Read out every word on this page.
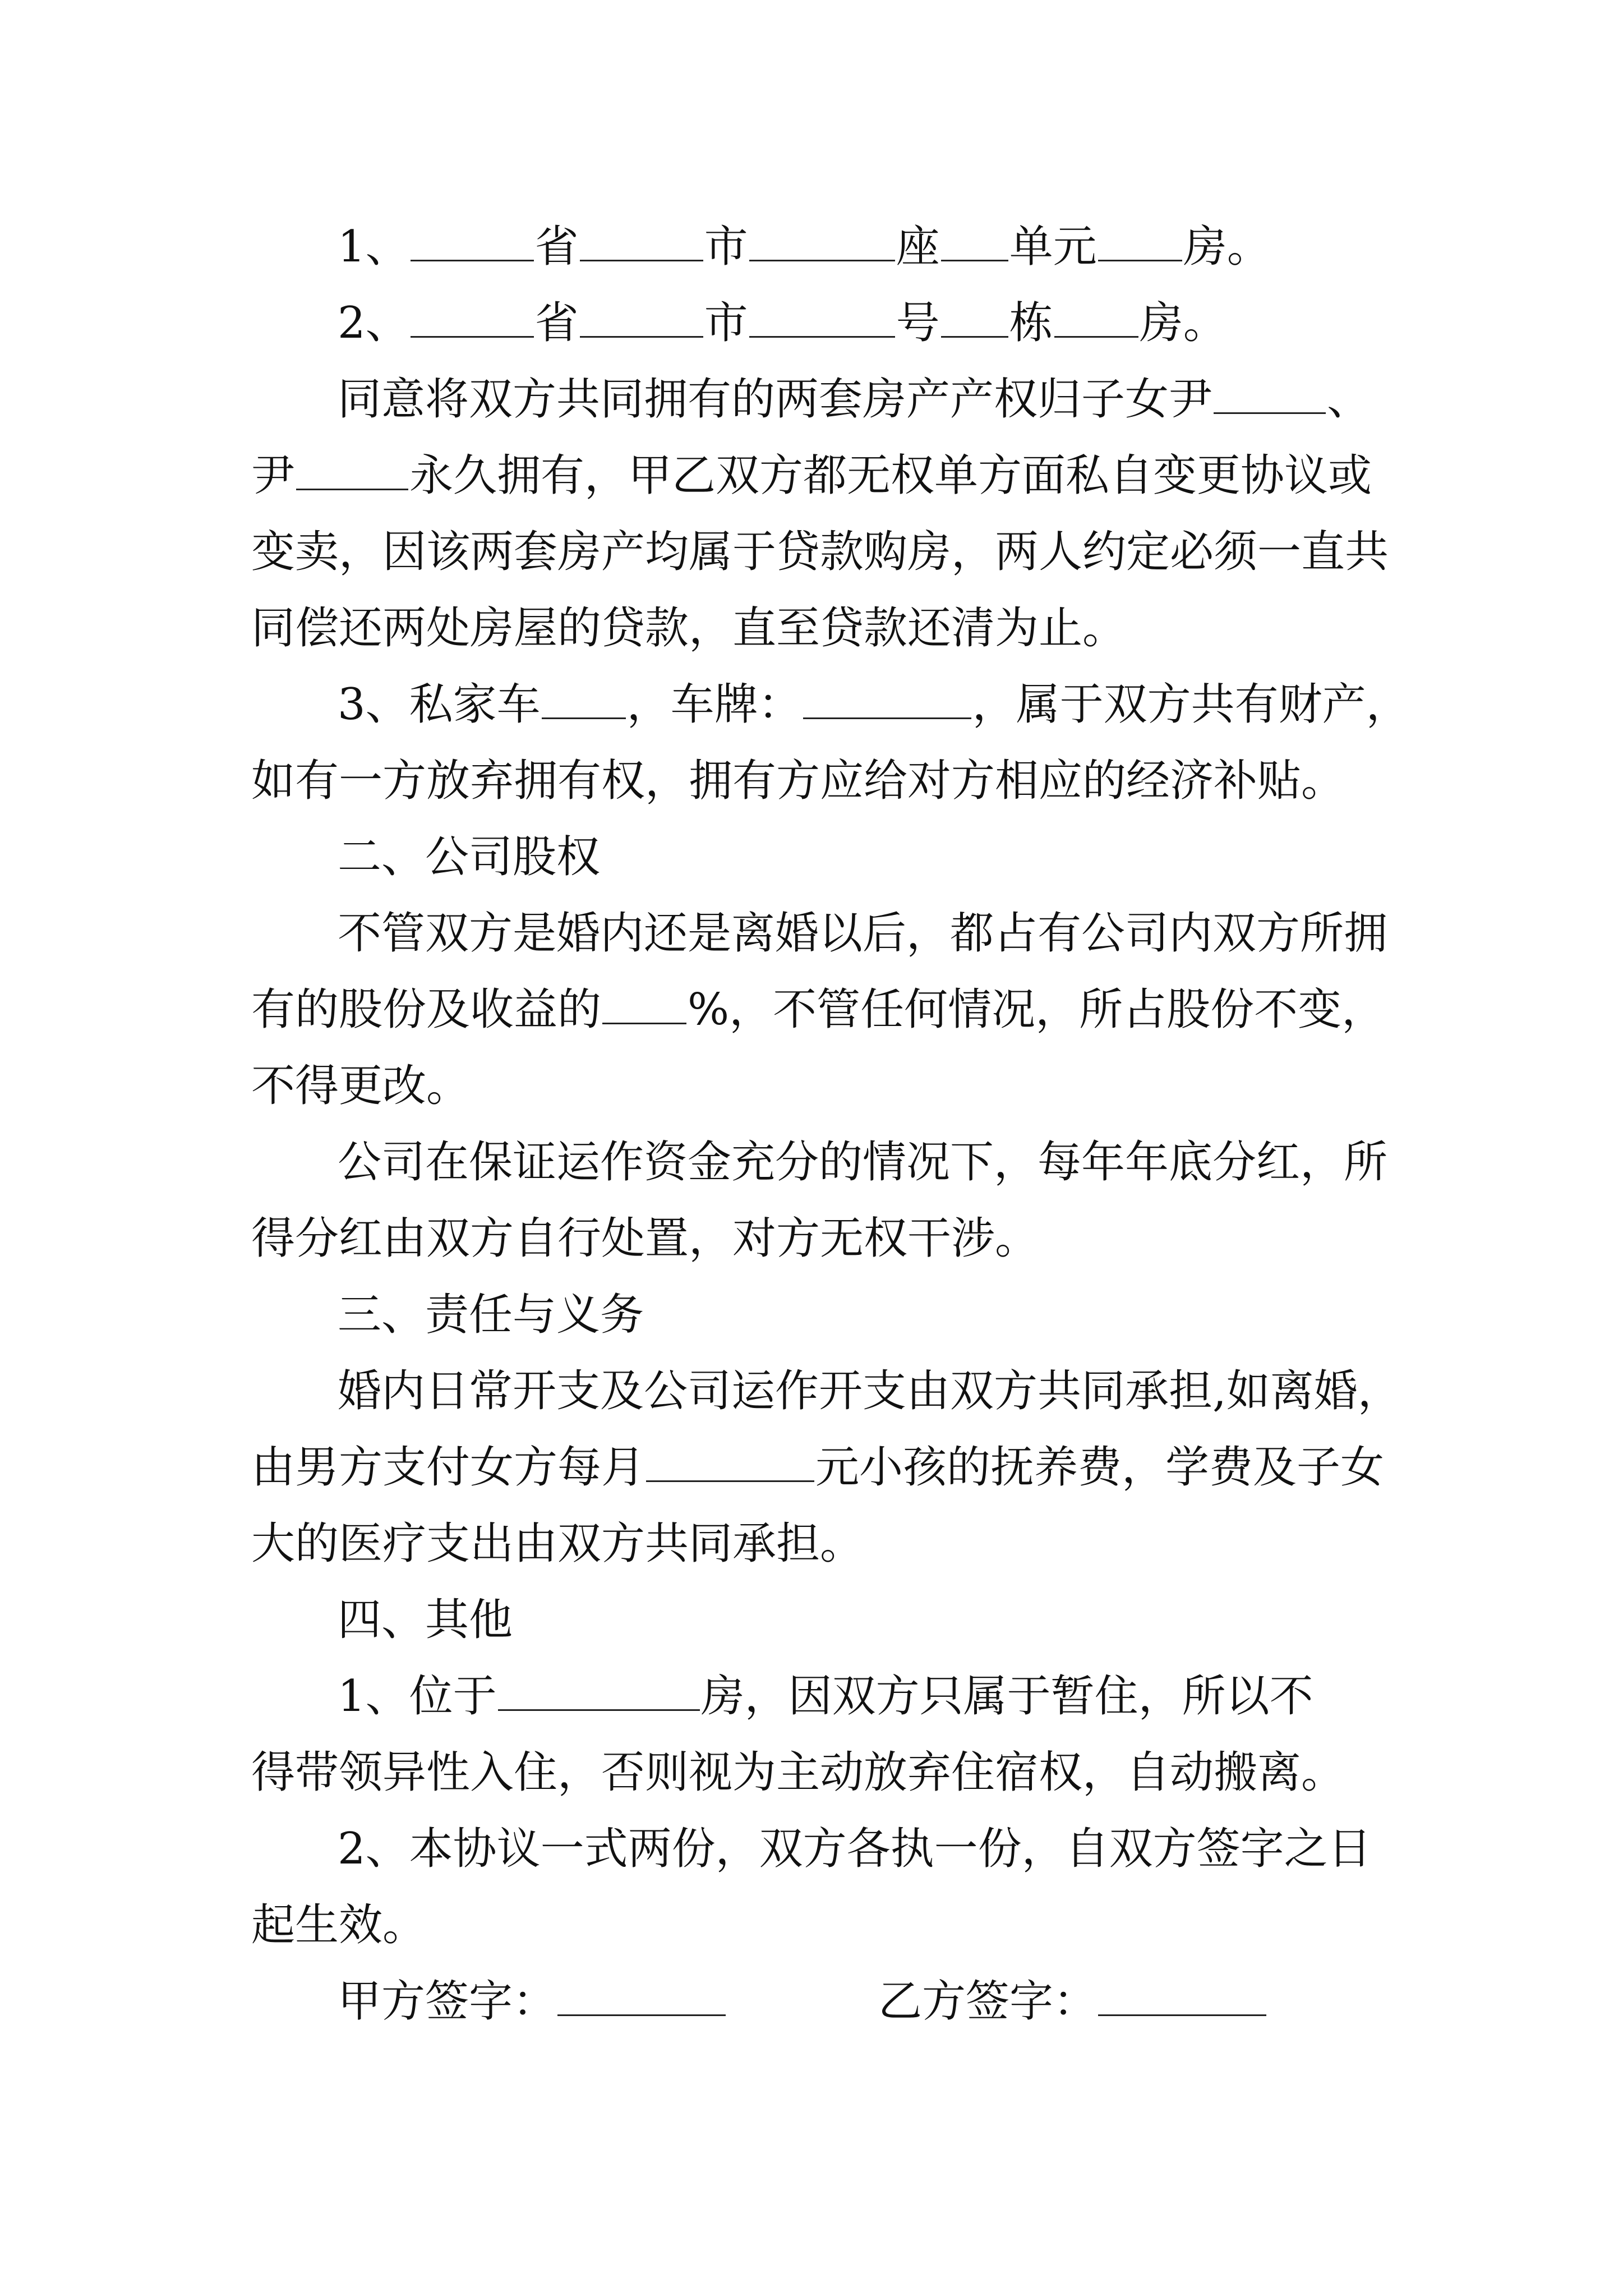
1、	省	市	座 单元 房。

2、	省	市	号 栋 房。

同意将双方共同拥有的两套房产产权归子女尹	、

尹	永久拥有，甲乙双方都无权单方面私自变更协议或

变卖，因该两套房产均属于贷款购房，两人约定必须一直共

同偿还两处房屋的贷款，直至贷款还清为止。

3、私家车 ，车牌：	，属于双方共有财产，

如有一方放弃拥有权，拥有方应给对方相应的经济补贴。

二、公司股权

不管双方是婚内还是离婚以后，都占有公司内双方所拥

有的股份及收益的 %，不管任何情况，所占股份不变，

不得更改。

公司在保证运作资金充分的情况下，每年年底分红，所

得分红由双方自行处置，对方无权干涉。

三、责任与义务

婚内日常开支及公司运作开支由双方共同承担,如离婚，

由男方支付女方每月	元小孩的抚养费，学费及子女

大的医疗支出由双方共同承担。

四、其他

1、位于	房，因双方只属于暂住，所以不

得带领异性入住，否则视为主动放弃住宿权，自动搬离。

2、本协议一式两份，双方各执一份，自双方签字之日

起生效。

甲方签字：	乙方签字：
